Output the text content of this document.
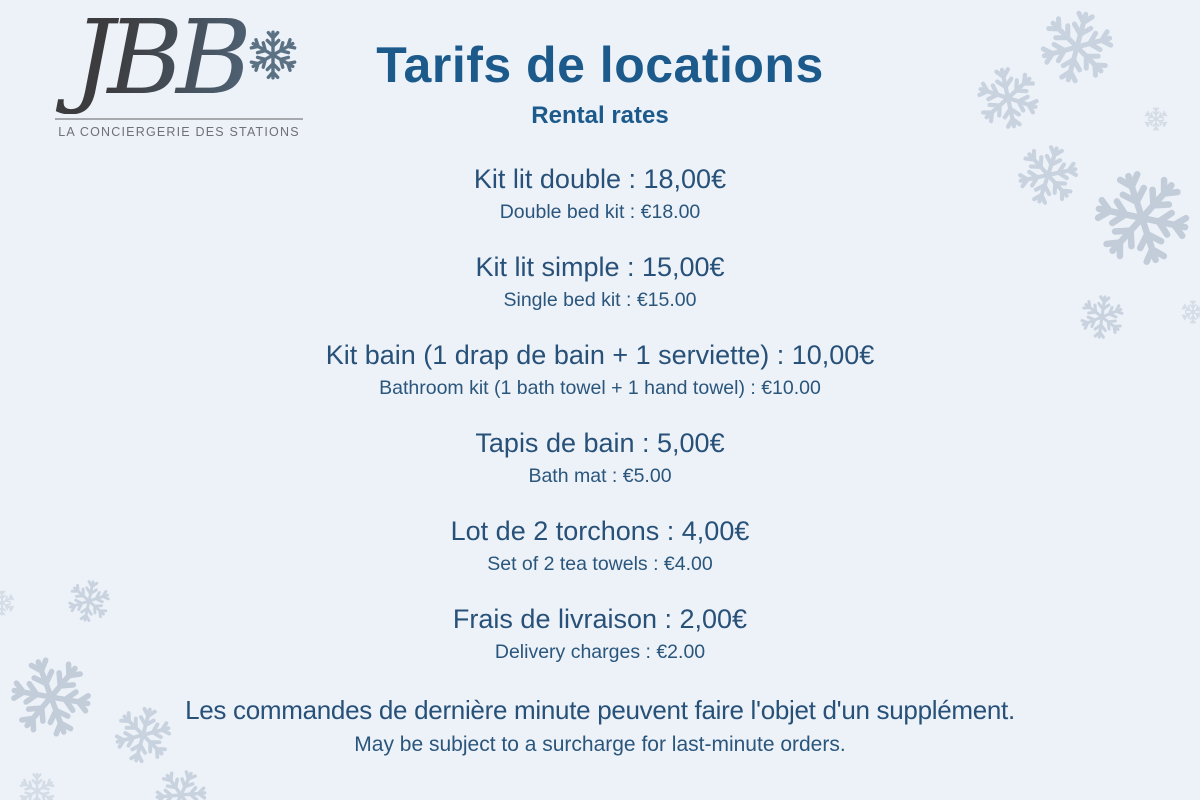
JBB
LA CONCIERGERIE DES STATIONS
Tarifs de locations
Rental rates
Kit lit double : 18,00€
Double bed kit : €18.00
Kit lit simple : 15,00€
Single bed kit : €15.00
Kit bain (1 drap de bain + 1 serviette) : 10,00€
Bathroom kit (1 bath towel + 1 hand towel) : €10.00
Tapis de bain : 5,00€
Bath mat : €5.00
Lot de 2 torchons : 4,00€
Set of 2 tea towels : €4.00
Frais de livraison : 2,00€
Delivery charges : €2.00
Les commandes de dernière minute peuvent faire l'objet d'un supplément.
May be subject to a surcharge for last-minute orders.
